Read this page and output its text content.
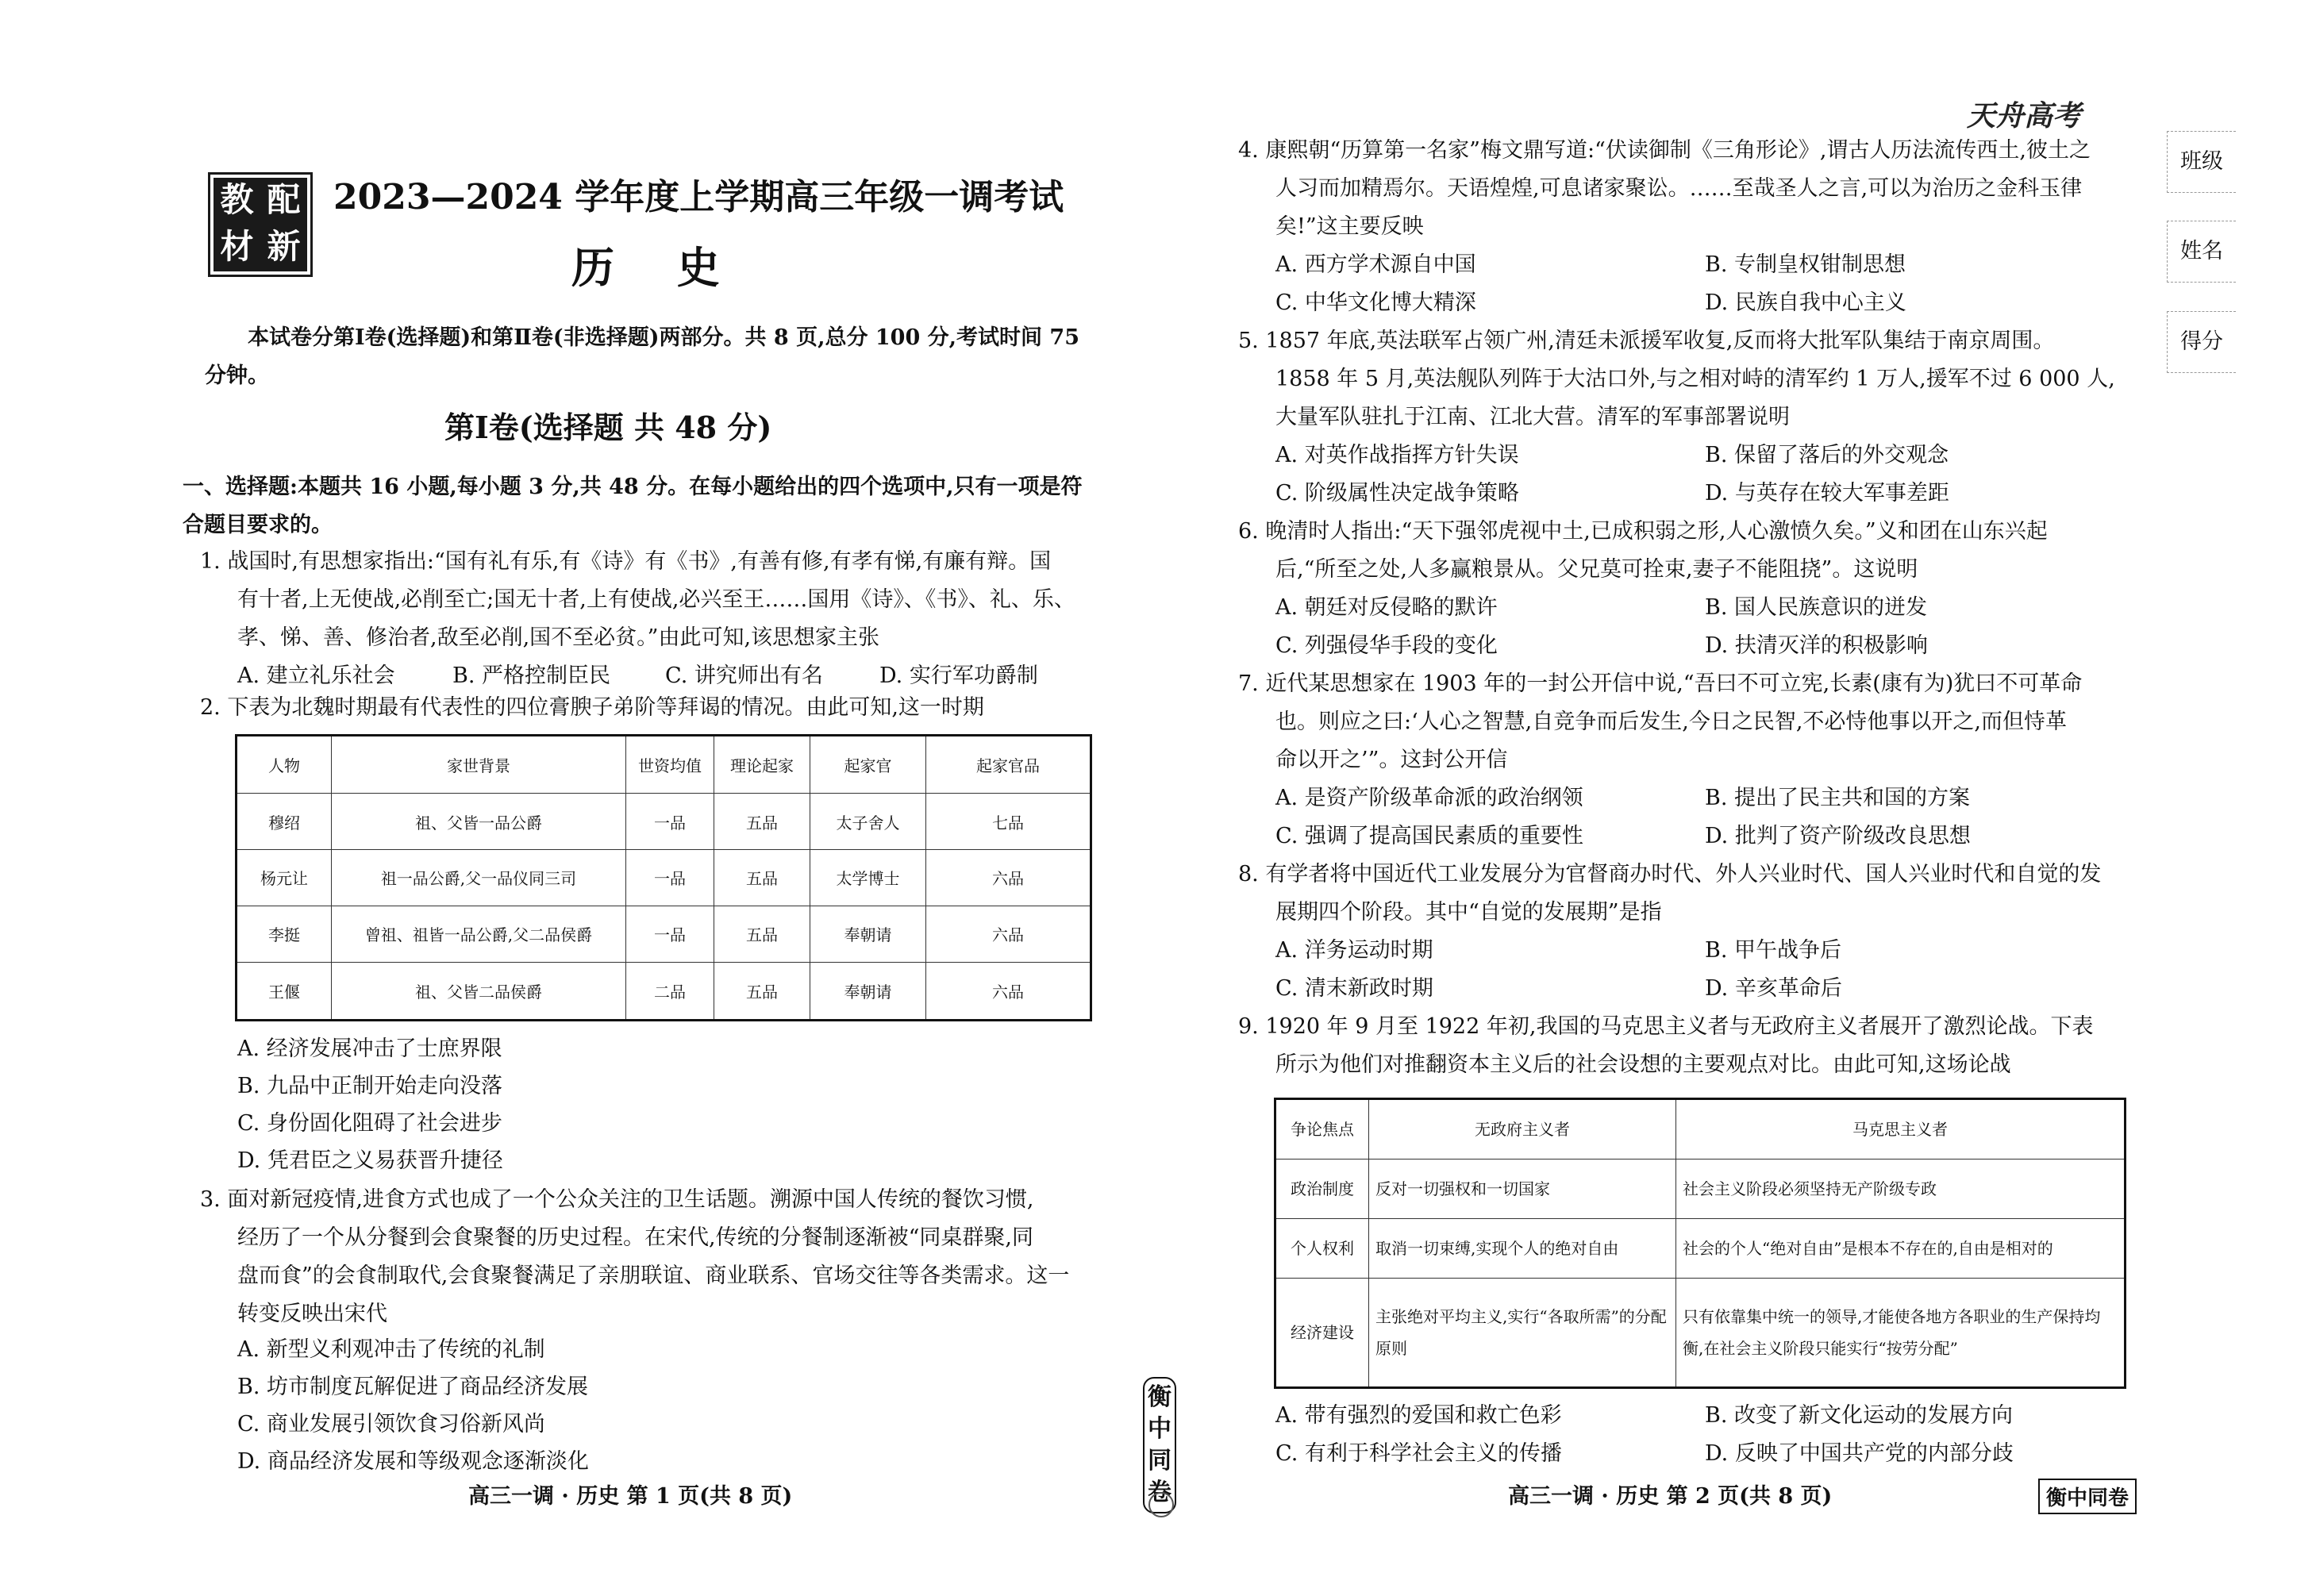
教 配
材 新
2023—2024 学年度上学期高三年级一调考试
历 史
本试卷分第Ⅰ卷(选择题)和第Ⅱ卷(非选择题)两部分。共 8 页,总分 100 分,考试时间 75 分钟。
第Ⅰ卷(选择题 共 48 分)
一、选择题:本题共 16 小题,每小题 3 分,共 48 分。在每小题给出的四个选项中,只有一项是符合题目要求的。
1. 战国时,有思想家指出:“国有礼有乐,有《诗》有《书》,有善有修,有孝有悌,有廉有辩。国
有十者,上无使战,必削至亡;国无十者,上有使战,必兴至王……国用《诗》、《书》、礼、乐、
孝、悌、善、修治者,敌至必削,国不至必贫。”由此可知,该思想家主张
A. 建立礼乐社会	B. 严格控制臣民	C. 讲究师出有名	D. 实行军功爵制
2. 下表为北魏时期最有代表性的四位膏腴子弟阶等拜谒的情况。由此可知,这一时期
人物	家世背景	世资均值	理论起家	起家官	起家官品
穆绍	祖、父皆一品公爵	一品	五品	太子舍人	七品
杨元让	祖一品公爵,父一品仪同三司	一品	五品	太学博士	六品
李挺	曾祖、祖皆一品公爵,父二品侯爵	一品	五品	奉朝请	六品
王偃	祖、父皆二品侯爵	二品	五品	奉朝请	六品
A. 经济发展冲击了士庶界限
B. 九品中正制开始走向没落
C. 身份固化阻碍了社会进步
D. 凭君臣之义易获晋升捷径
3. 面对新冠疫情,进食方式也成了一个公众关注的卫生话题。溯源中国人传统的餐饮习惯,
经历了一个从分餐到会食聚餐的历史过程。在宋代,传统的分餐制逐渐被“同桌群聚,同
盘而食”的会食制取代,会食聚餐满足了亲朋联谊、商业联系、官场交往等各类需求。这一
转变反映出宋代
A. 新型义利观冲击了传统的礼制
B. 坊市制度瓦解促进了商品经济发展
C. 商业发展引领饮食习俗新风尚
D. 商品经济发展和等级观念逐渐淡化
高三一调 · 历史 第 1 页(共 8 页)
衡中同卷
天舟高考
班级
姓名
得分
4. 康熙朝“历算第一名家”梅文鼎写道:“伏读御制《三角形论》,谓古人历法流传西土,彼土之
人习而加精焉尔。天语煌煌,可息诸家聚讼。……至哉圣人之言,可以为治历之金科玉律
矣!”这主要反映
A. 西方学术源自中国	B. 专制皇权钳制思想
C. 中华文化博大精深	D. 民族自我中心主义
5. 1857 年底,英法联军占领广州,清廷未派援军收复,反而将大批军队集结于南京周围。
1858 年 5 月,英法舰队列阵于大沽口外,与之相对峙的清军约 1 万人,援军不过 6 000 人,
大量军队驻扎于江南、江北大营。清军的军事部署说明
A. 对英作战指挥方针失误	B. 保留了落后的外交观念
C. 阶级属性决定战争策略	D. 与英存在较大军事差距
6. 晚清时人指出:“天下强邻虎视中土,已成积弱之形,人心激愤久矣。”义和团在山东兴起
后,“所至之处,人多赢粮景从。父兄莫可拴束,妻子不能阻挠”。这说明
A. 朝廷对反侵略的默许	B. 国人民族意识的迸发
C. 列强侵华手段的变化	D. 扶清灭洋的积极影响
7. 近代某思想家在 1903 年的一封公开信中说,“吾曰不可立宪,长素(康有为)犹曰不可革命
也。则应之曰:‘人心之智慧,自竞争而后发生,今日之民智,不必恃他事以开之,而但恃革
命以开之’”。这封公开信
A. 是资产阶级革命派的政治纲领	B. 提出了民主共和国的方案
C. 强调了提高国民素质的重要性	D. 批判了资产阶级改良思想
8. 有学者将中国近代工业发展分为官督商办时代、外人兴业时代、国人兴业时代和自觉的发
展期四个阶段。其中“自觉的发展期”是指
A. 洋务运动时期	B. 甲午战争后
C. 清末新政时期	D. 辛亥革命后
9. 1920 年 9 月至 1922 年初,我国的马克思主义者与无政府主义者展开了激烈论战。下表
所示为他们对推翻资本主义后的社会设想的主要观点对比。由此可知,这场论战
争论焦点	无政府主义者	马克思主义者
政治制度	反对一切强权和一切国家	社会主义阶段必须坚持无产阶级专政
个人权利	取消一切束缚,实现个人的绝对自由	社会的个人“绝对自由”是根本不存在的,自由是相对的
经济建设	主张绝对平均主义,实行“各取所需”的分配原则	只有依靠集中统一的领导,才能使各地方各职业的生产保持均衡,在社会主义阶段只能实行“按劳分配”
A. 带有强烈的爱国和救亡色彩	B. 改变了新文化运动的发展方向
C. 有利于科学社会主义的传播	D. 反映了中国共产党的内部分歧
高三一调 · 历史 第 2 页(共 8 页)	衡中同卷
